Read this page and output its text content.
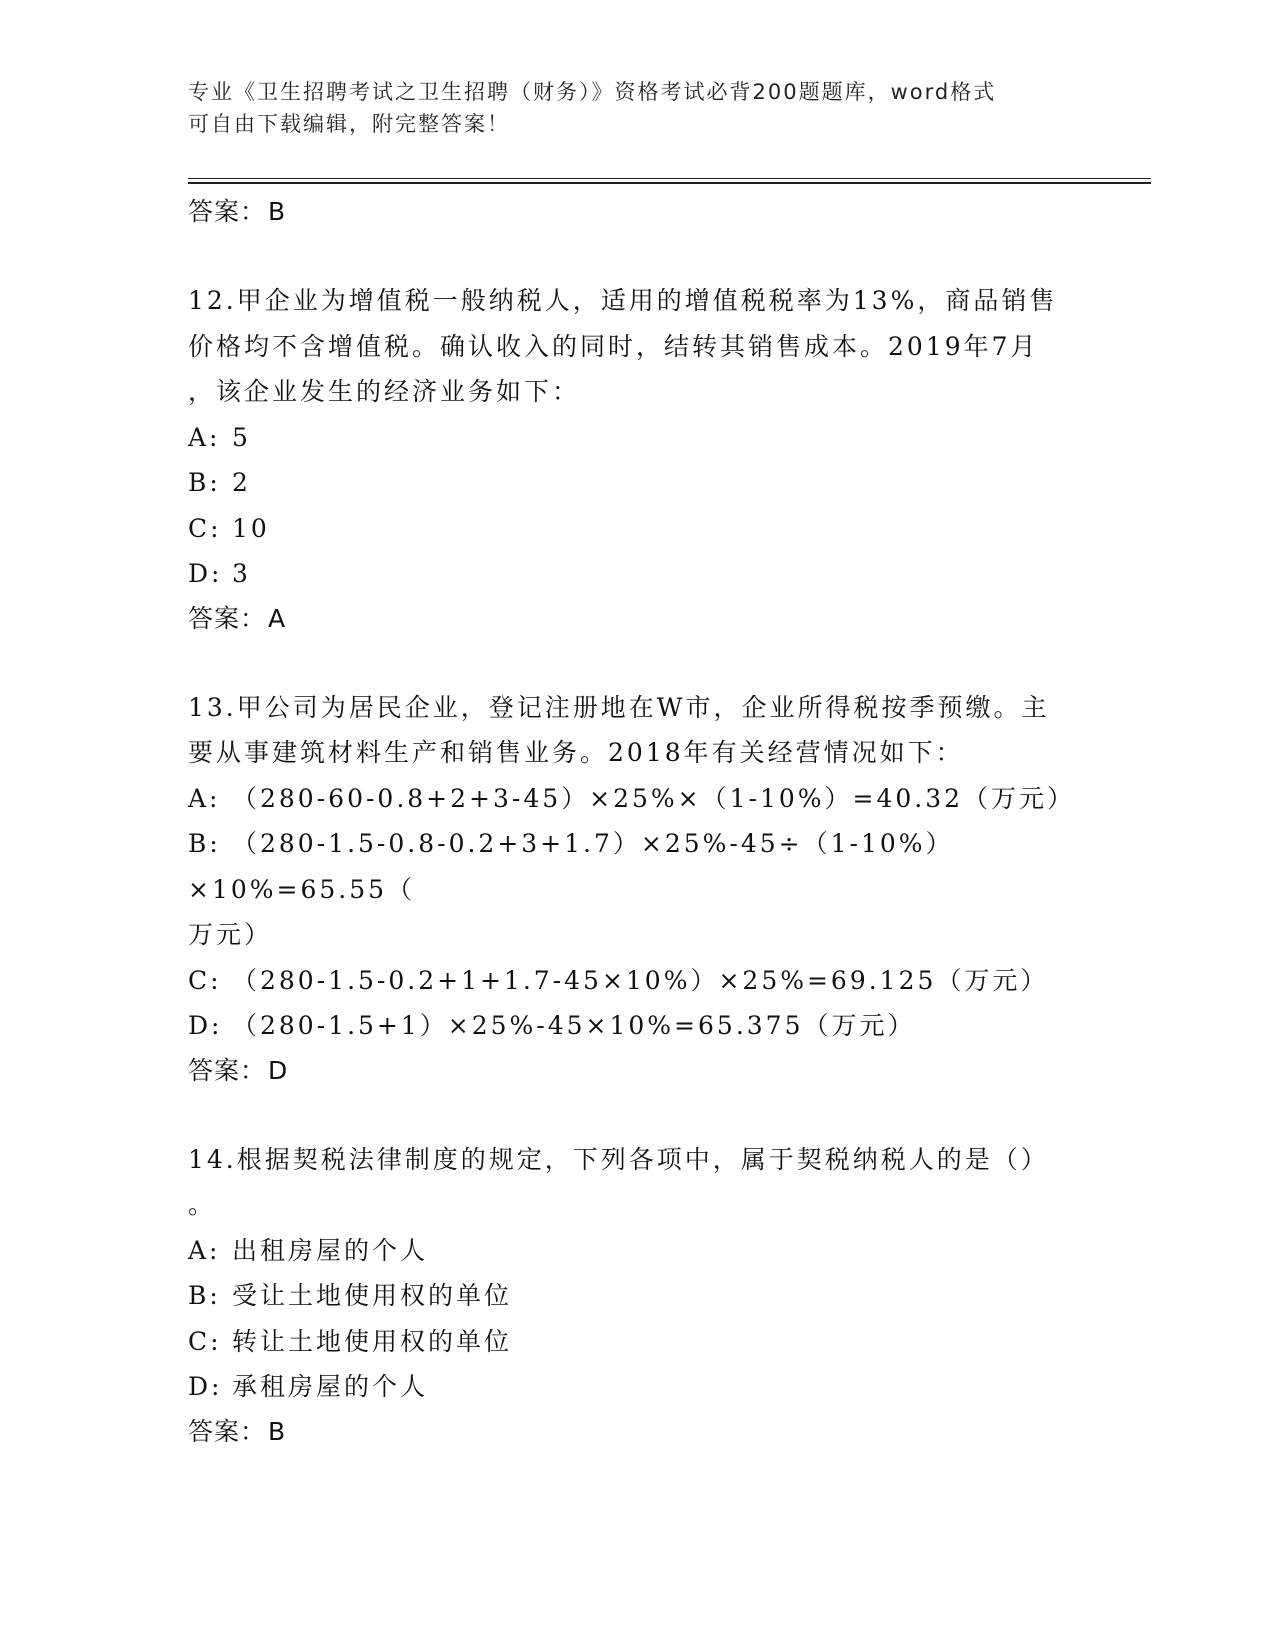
专业《卫生招聘考试之卫生招聘（财务）》资格考试必背200题题库，word格式
可自由下载编辑，附完整答案！
答案：B
12.甲企业为增值税一般纳税人，适用的增值税税率为13%，商品销售
价格均不含增值税。确认收入的同时，结转其销售成本。2019年7月
，该企业发生的经济业务如下：
A: 5
B: 2
C: 10
D: 3
答案：A
13.甲公司为居民企业，登记注册地在W市，企业所得税按季预缴。主
要从事建筑材料生产和销售业务。2018年有关经营情况如下：
A: （280-60-0.8+2+3-45）×25%×（1-10%）=40.32（万元）
B: （280-1.5-0.8-0.2+3+1.7）×25%-45÷（1-10%）×10%=65.55（
万元）
C: （280-1.5-0.2+1+1.7-45×10%）×25%=69.125（万元）
D: （280-1.5+1）×25%-45×10%=65.375（万元）
答案：D
14.根据契税法律制度的规定，下列各项中，属于契税纳税人的是（）
。
A: 出租房屋的个人
B: 受让土地使用权的单位
C: 转让土地使用权的单位
D: 承租房屋的个人
答案：B
